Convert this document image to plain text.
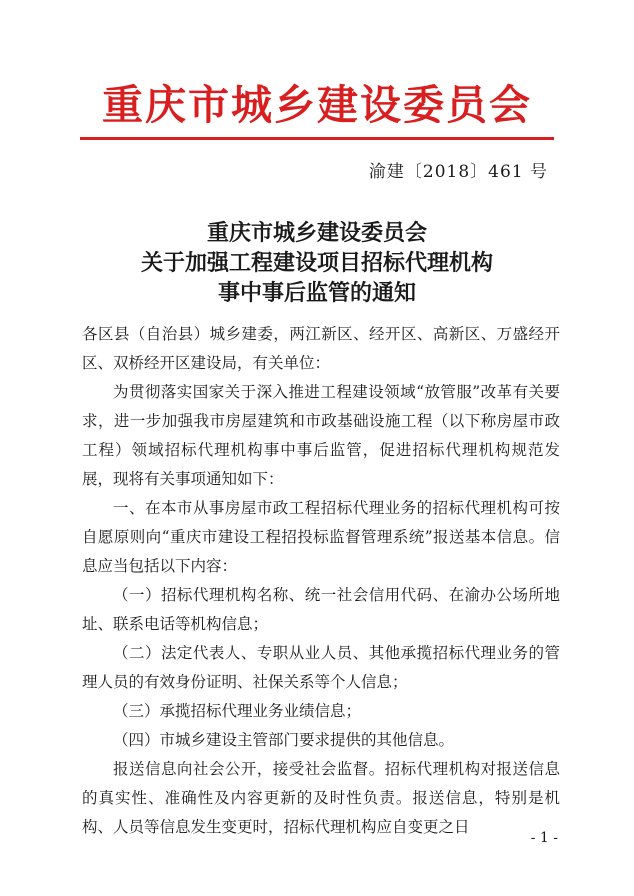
重庆市城乡建设委员会
渝建〔2018〕461 号
重庆市城乡建设委员会
关于加强工程建设项目招标代理机构
事中事后监管的通知

各区县（自治县）城乡建委，两江新区、经开区、高新区、万盛经开区、双桥经开区建设局，有关单位：

为贯彻落实国家关于深入推进工程建设领域“放管服”改革有关要求，进一步加强我市房屋建筑和市政基础设施工程（以下称房屋市政工程）领域招标代理机构事中事后监管，促进招标代理机构规范发展，现将有关事项通知如下：

一、在本市从事房屋市政工程招标代理业务的招标代理机构可按自愿原则向“重庆市建设工程招投标监督管理系统”报送基本信息。信息应当包括以下内容：

（一）招标代理机构名称、统一社会信用代码、在渝办公场所地址、联系电话等机构信息；

（二）法定代表人、专职从业人员、其他承揽招标代理业务的管理人员的有效身份证明、社保关系等个人信息；

（三）承揽招标代理业务业绩信息；

（四）市城乡建设主管部门要求提供的其他信息。

报送信息向社会公开，接受社会监督。招标代理机构对报送信息的真实性、准确性及内容更新的及时性负责。报送信息，特别是机构、人员等信息发生变更时，招标代理机构应自变更之日

- 1 -
